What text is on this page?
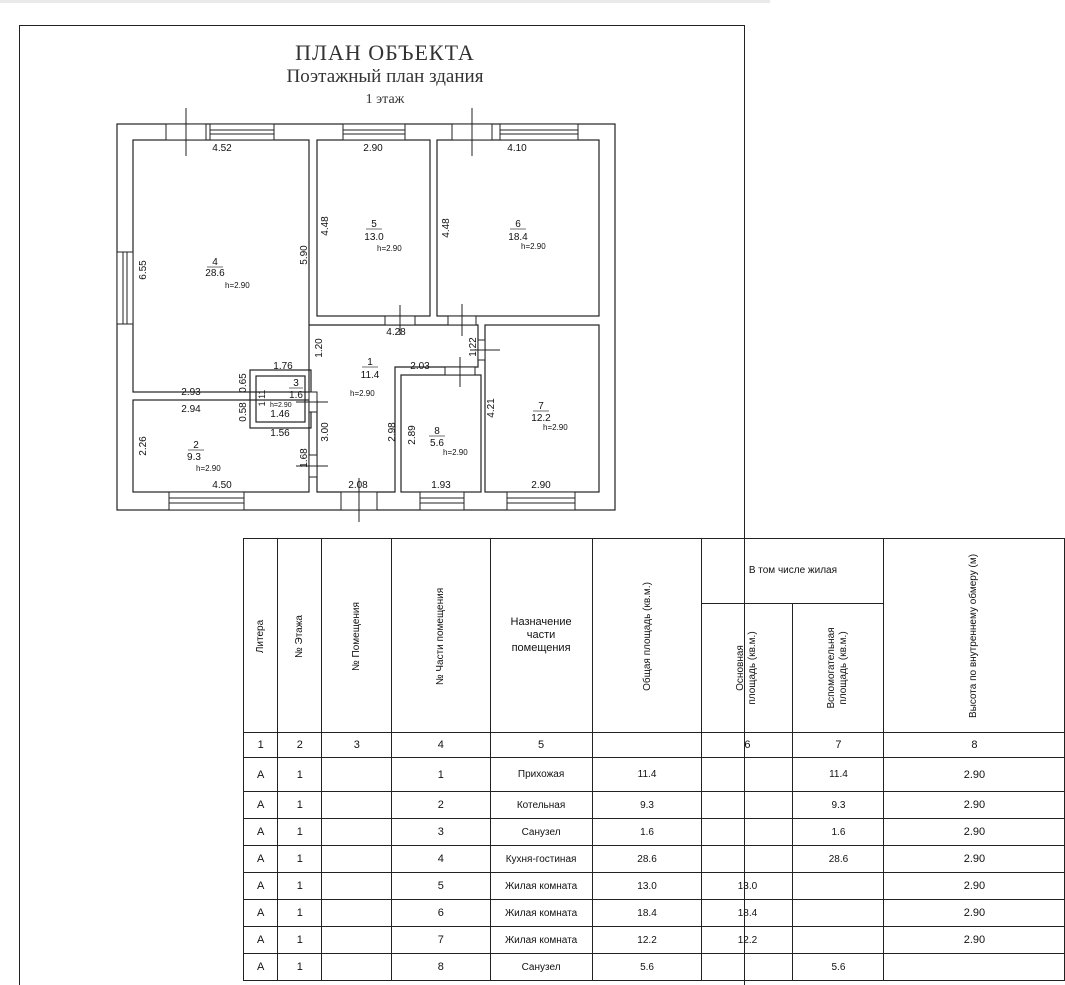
ПЛАН ОБЪЕКТА
Поэтажный план здания
1 этаж
4
28.6
h=2.90
5
13.0
h=2.90
6
18.4
h=2.90
1
11.4
h=2.90
3
1.6
h=2.90
2
9.3
h=2.90
8
5.6
h=2.90
7
12.2
h=2.90
4.52	2.90	4.10
6.55
5.90
4.48	4.48
4.28
1.20	1.22
1.76	2.03
0.65
2.93	1.11
0.58
2.94	1.46
1.56	3.00	2.98 2.89
4.21
2.26
1.68
4.50	2.08	1.93	2.90
Литера	№ Этажа	№ Помещения	№ Части помещения	Назначение части помещения	Общая площадь (кв.м.)	В том числе жилая		Высота по внутреннему обмеру (м)
						Основная площадь (кв.м.)	Вспомогательная площадь (кв.м.)	
1	2	3	4	5		6	7	8
А	1		1	Прихожая	11.4		11.4	2.90
А	1		2	Котельная	9.3		9.3	2.90
А	1		3	Санузел	1.6		1.6	2.90
А	1		4	Кухня-гостиная	28.6		28.6	2.90
А	1		5	Жилая комната	13.0	13.0		2.90
А	1		6	Жилая комната	18.4	18.4		2.90
А	1		7	Жилая комната	12.2	12.2		2.90
А	1		8	Санузел	5.6		5.6	
